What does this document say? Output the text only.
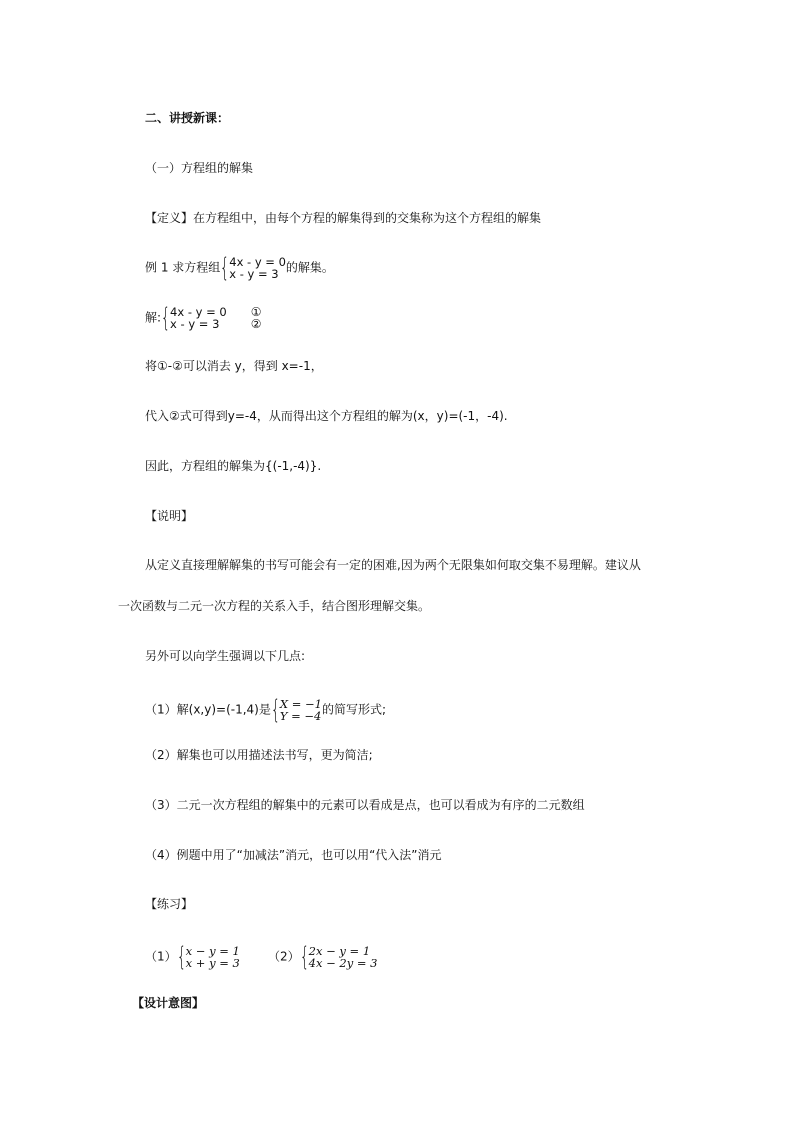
二、讲授新课：
（一）方程组的解集
【定义】在方程组中，由每个方程的解集得到的交集称为这个方程组的解集
例 1 求方程组 { 4x - y = 0
x - y = 3 的解集。
解: { 4x - y = 0
x - y = 3
①
②
将①-②可以消去 y，得到 x=-1，
代入②式可得到y=-4，从而得出这个方程组的解为(x，y)=(-1，-4).
因此，方程组的解集为{(-1,-4)}.
【说明】
从定义直接理解解集的书写可能会有一定的困难,因为两个无限集如何取交集不易理解。建议从
一次函数与二元一次方程的关系入手，结合图形理解交集。
另外可以向学生强调以下几点:
（1）解(x,y)=(-1,4)是 { X = −1
Y = −4 的简写形式;
（2）解集也可以用描述法书写，更为简洁;
（3）二元一次方程组的解集中的元素可以看成是点，也可以看成为有序的二元数组
（4）例题中用了“加减法”消元，也可以用“代入法”消元
【练习】
（1） { x − y = 1
x + y = 3 （2） { 2x − y = 1
4x − 2y = 3
【设计意图】
